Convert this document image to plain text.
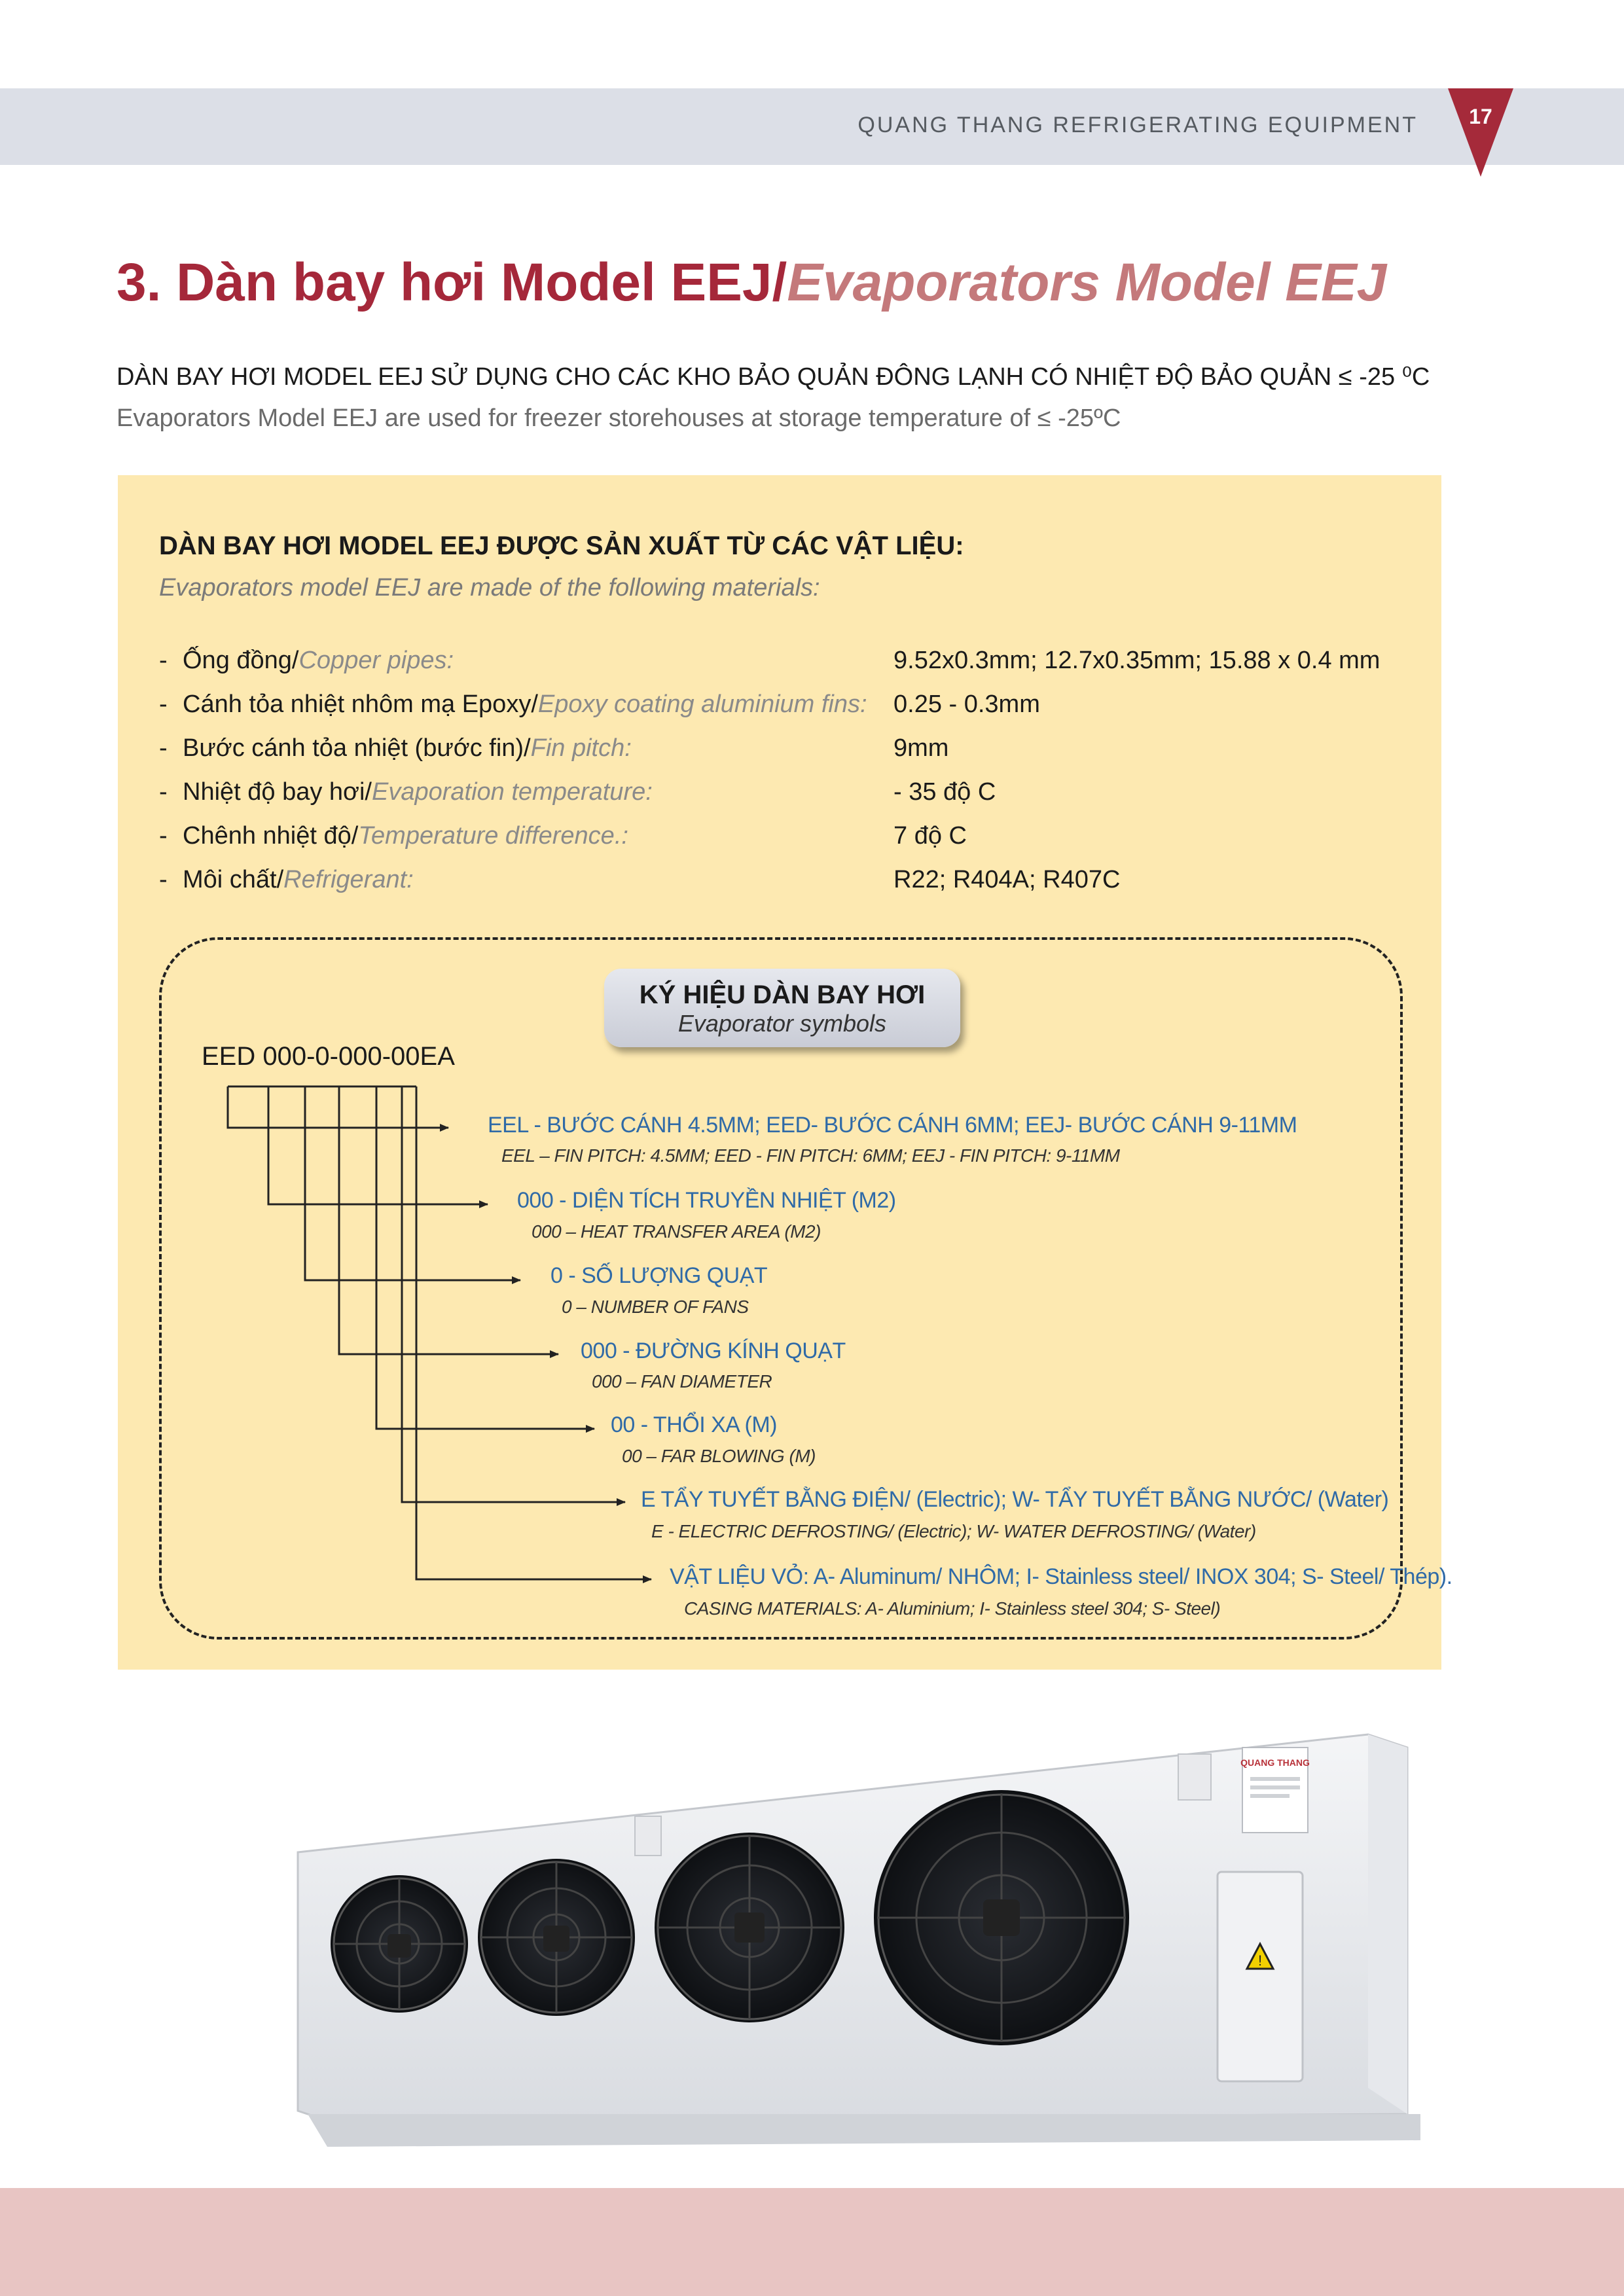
QUANG THANG REFRIGERATING EQUIPMENT	17
3. Dàn bay hơi Model EEJ/Evaporators Model EEJ
DÀN BAY HƠI MODEL EEJ SỬ DỤNG CHO CÁC KHO BẢO QUẢN ĐÔNG LẠNH CÓ NHIỆT ĐỘ BẢO QUẢN ≤ -25 ⁰C
Evaporators Model EEJ are used for freezer storehouses at storage temperature of ≤ -25ºC
DÀN BAY HƠI MODEL EEJ ĐƯỢC SẢN XUẤT TỪ CÁC VẬT LIỆU:
Evaporators model EEJ are made of the following materials:
- Ống đồng/Copper pipes:	9.52x0.3mm; 12.7x0.35mm; 15.88 x 0.4 mm
- Cánh tỏa nhiệt nhôm mạ Epoxy/Epoxy coating aluminium fins: 0.25 - 0.3mm
- Bước cánh tỏa nhiệt (bước fin)/Fin pitch:	9mm
- Nhiệt độ bay hơi/Evaporation temperature:	- 35 độ C
- Chênh nhiệt độ/Temperature difference.:	7 độ C
- Môi chất/Refrigerant:	R22; R404A; R407C
KÝ HIỆU DÀN BAY HƠI
Evaporator symbols
EED 000-0-000-00EA
EEL - BƯỚC CÁNH 4.5MM; EED- BƯỚC CÁNH 6MM; EEJ- BƯỚC CÁNH 9-11MM
EEL – FIN PITCH: 4.5MM; EED - FIN PITCH: 6MM; EEJ - FIN PITCH: 9-11MM
000 - DIỆN TÍCH TRUYỀN NHIỆT (M2)
000 – HEAT TRANSFER AREA (M2)
0 - SỐ LƯỢNG QUẠT
0 – NUMBER OF FANS
000 - ĐƯỜNG KÍNH QUẠT
000 – FAN DIAMETER
00 - THỔI XA (M)
00 – FAR BLOWING (M)
E TẨY TUYẾT BẰNG ĐIỆN/ (Electric); W- TẨY TUYẾT BẰNG NƯỚC/ (Water)
E - ELECTRIC DEFROSTING/ (Electric); W- WATER DEFROSTING/ (Water)
VẬT LIỆU VỎ: A- Aluminum/ NHÔM; I- Stainless steel/ INOX 304; S- Steel/ Thép).
CASING MATERIALS: A- Aluminium; I- Stainless steel 304; S- Steel)
QUANG THANG
!
